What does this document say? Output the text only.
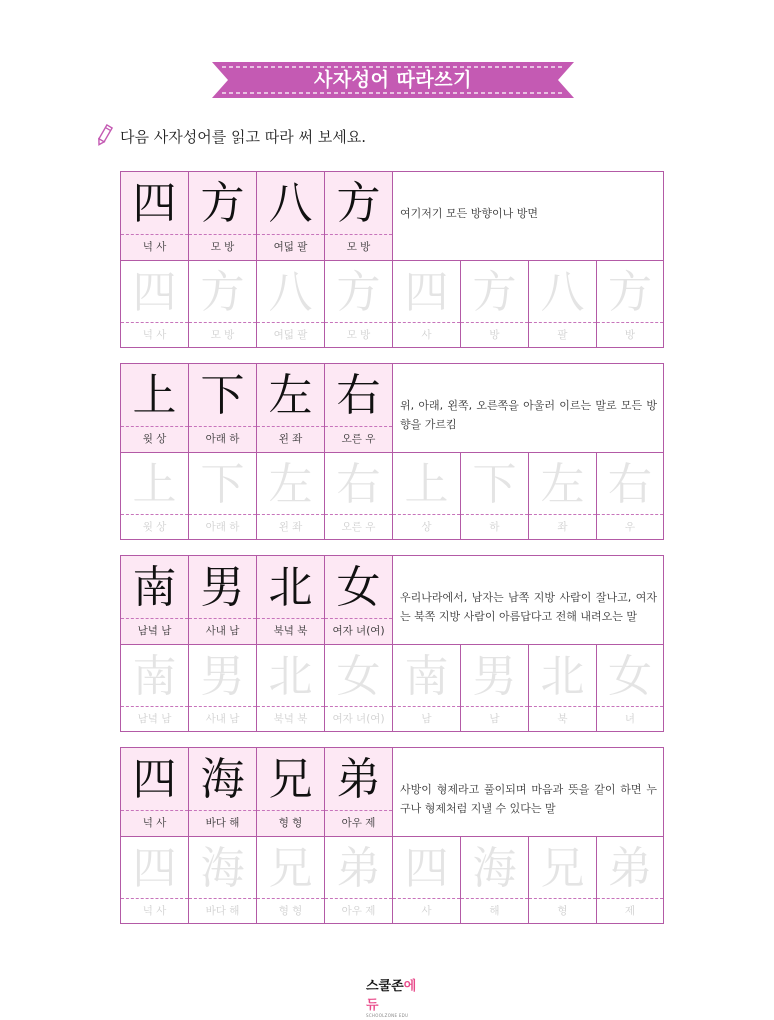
사자성어 따라쓰기
다음 사자성어를 읽고 따라 써 보세요.
四
넉 사
方
모 방
八
여덟 팔
方
모 방
여기저기 모든 방향이나 방면
四
넉 사
方
모 방
八
여덟 팔
方
모 방
四
사
方
방
八
팔
方
방
上
윗 상
下
아래 하
左
왼 좌
右
오른 우
위, 아래, 왼쪽, 오른쪽을 아울러 이르는 말로 모든 방향을 가르킴
上
윗 상
下
아래 하
左
왼 좌
右
오른 우
上
상
下
하
左
좌
右
우
南
남녘 남
男
사내 남
北
북녘 북
女
여자 녀(여)
우리나라에서, 남자는 남쪽 지방 사람이 잘나고, 여자는 북쪽 지방 사람이 아름답다고 전해 내려오는 말
南
남녘 남
男
사내 남
北
북녘 북
女
여자 녀(여)
南
남
男
남
北
북
女
녀
四
넉 사
海
바다 해
兄
형 형
弟
아우 제
사방이 형제라고 풀이되며 마음과 뜻을 같이 하면 누구나 형제처럼 지낼 수 있다는 말
四
넉 사
海
바다 해
兄
형 형
弟
아우 제
四
사
海
해
兄
형
弟
제
스쿨존에듀
SCHOOLZONE EDU
